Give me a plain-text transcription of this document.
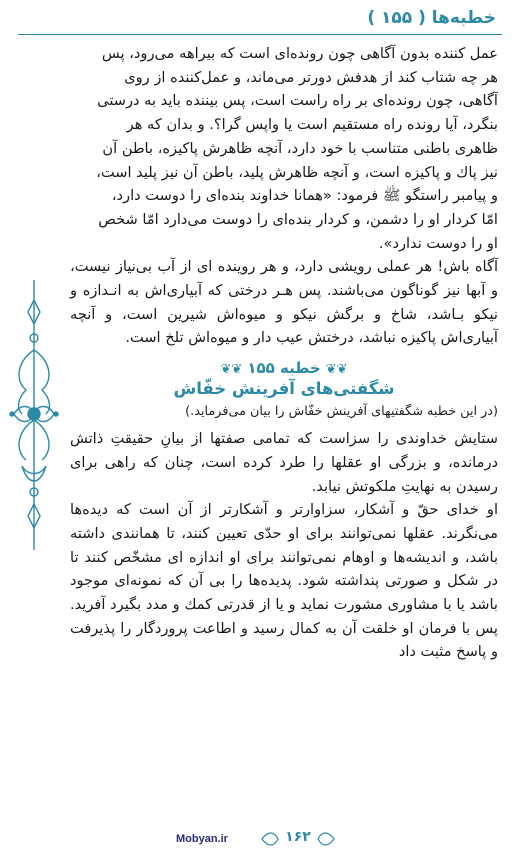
خطبه‌ها ( ۱۵۵ )
عمل كننده بدون آگاهى چون رونده‌اى است كه بيراهه مى‌رود، پس
هر چه شتاب كند از هدفش دورتر مى‌ماند، و عمل‌كننده از روى
آگاهى، چون رونده‌اى بر راه راست است، پس بيننده بايد به درستى
بنگرد، آيا رونده راه مستقيم است يا واپس گرا؟. و بدان كه هر
ظاهرى باطنى متناسب با خود دارد، آنچه ظاهرش پاكيزه، باطن آن
نيز پاك و پاكيزه است، و آنچه ظاهرش پليد، باطن آن نيز پليد است،
و پيامبر راستگو ﷺ فرمود: «همانا خداوند بنده‌اى را دوست دارد،
امّا كردار او را دشمن، و كردار بنده‌اى را دوست مى‌دارد امّا شخص
او را دوست ندارد».
آگاه باش! هر عملى رويشى دارد، و هر روينده اى از آب بى‌نياز نيست، و آبها نيز گوناگون مى‌باشند. پس هـر درختى كه آبيارى‌اش به انـدازه و نيكو بـاشد، شاخ و برگش نيكو و ميوه‌اش شيرين است، و آنچه آبيارى‌اش پاكيزه نباشد، درختش عيب دار و ميوه‌اش تلخ است.
❦❦ خطبه ۱۵۵ ❦❦
شگفتى‌هاى آفرينش خفّاش
(در اين خطبه شگفتيهاى آفرينش خفّاش را بيان مى‌فرمايد.)
ستايش خداوندى را سزاست كه تمامى صفتها از بيانِ حقيقتِ ذاتش درمانده، و بزرگى او عقلها را طرد كرده است، چنان كه راهى براى رسيدن به نهايتِ ملكوتش نيابد.
او خداى حقّ و آشكار، سزاوارتر و آشكارتر از آن است كه ديده‌ها مى‌نگرند. عقلها نمى‌توانند براى او حدّى تعيين كنند، تا همانندى داشته باشد، و انديشه‌ها و اوهام نمى‌توانند براى او اندازه اى مشخّص كنند تا در شكل و صورتى پنداشته شود. پديده‌ها را بى آن كه نمونه‌اى موجود باشد يا با مشاورى مشورت نمايد و يا از قدرتى كمك و مدد بگيرد آفريد. پس با فرمان او خلقت آن به كمال رسيد و اطاعت پروردگار را پذيرفت و پاسخ مثبت داد
Mobyan.ir	۱۶۲
